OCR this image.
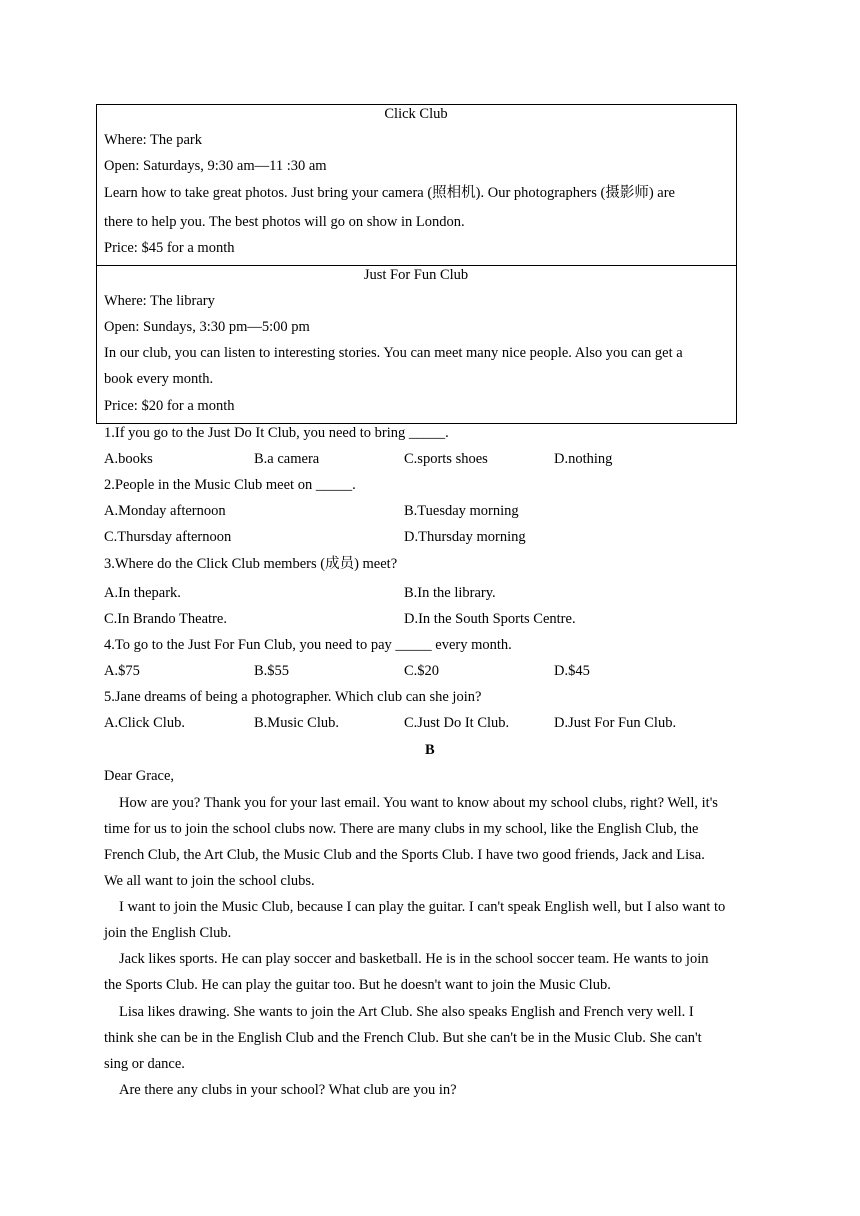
Click Club
Where: The park
Open: Saturdays, 9:30 am—11 :30 am
Learn how to take great photos. Just bring your camera (照相机). Our photographers (摄影师) are
there to help you. The best photos will go on show in London.
Price: $45 for a month
Just For Fun Club
Where: The library
Open: Sundays, 3:30 pm—5:00 pm
In our club, you can listen to interesting stories. You can meet many nice people. Also you can get a
book every month.
Price: $20 for a month
1.If you go to the Just Do It Club, you need to bring _____.
A.books	B.a camera	C.sports shoes	D.nothing
2.People in the Music Club meet on _____.
A.Monday afternoon	B.Tuesday morning
C.Thursday afternoon	D.Thursday morning
3.Where do the Click Club members (成员) meet?
A.In thepark.	B.In the library.
C.In Brando Theatre.	D.In the South Sports Centre.
4.To go to the Just For Fun Club, you need to pay _____ every month.
A.$75	B.$55	C.$20	D.$45
5.Jane dreams of being a photographer. Which club can she join?
A.Click Club.	B.Music Club.	C.Just Do It Club.	D.Just For Fun Club.
B
Dear Grace,
How are you? Thank you for your last email. You want to know about my school clubs, right? Well, it's
time for us to join the school clubs now. There are many clubs in my school, like the English Club, the
French Club, the Art Club, the Music Club and the Sports Club. I have two good friends, Jack and Lisa.
We all want to join the school clubs.
I want to join the Music Club, because I can play the guitar. I can't speak English well, but I also want to
join the English Club.
Jack likes sports. He can play soccer and basketball. He is in the school soccer team. He wants to join
the Sports Club. He can play the guitar too. But he doesn't want to join the Music Club.
Lisa likes drawing. She wants to join the Art Club. She also speaks English and French very well. I
think she can be in the English Club and the French Club. But she can't be in the Music Club. She can't
sing or dance.
Are there any clubs in your school? What club are you in?
